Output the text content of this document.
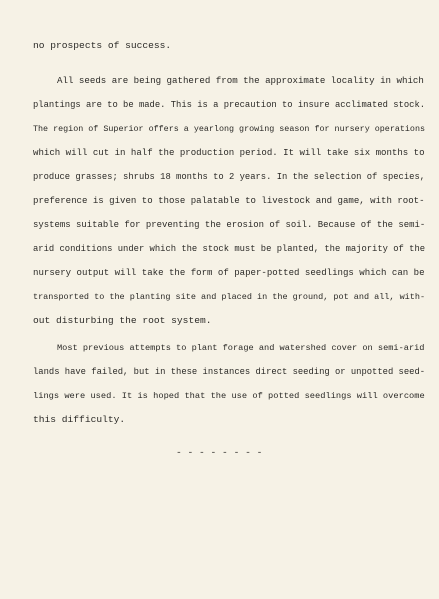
no prospects of success.
All seeds are being gathered from the approximate locality in which
plantings are to be made. This is a precaution to insure acclimated stock.
The region of Superior offers a yearlong growing season for nursery operations
which will cut in half the production period. It will take six months to
produce grasses; shrubs 18 months to 2 years. In the selection of species,
preference is given to those palatable to livestock and game, with root-
systems suitable for preventing the erosion of soil. Because of the semi-
arid conditions under which the stock must be planted, the majority of the
nursery output will take the form of paper-potted seedlings which can be
transported to the planting site and placed in the ground, pot and all, with-
out disturbing the root system.
Most previous attempts to plant forage and watershed cover on semi-arid
lands have failed, but in these instances direct seeding or unpotted seed-
lings were used. It is hoped that the use of potted seedlings will overcome
this difficulty.
- - - - - - - -
